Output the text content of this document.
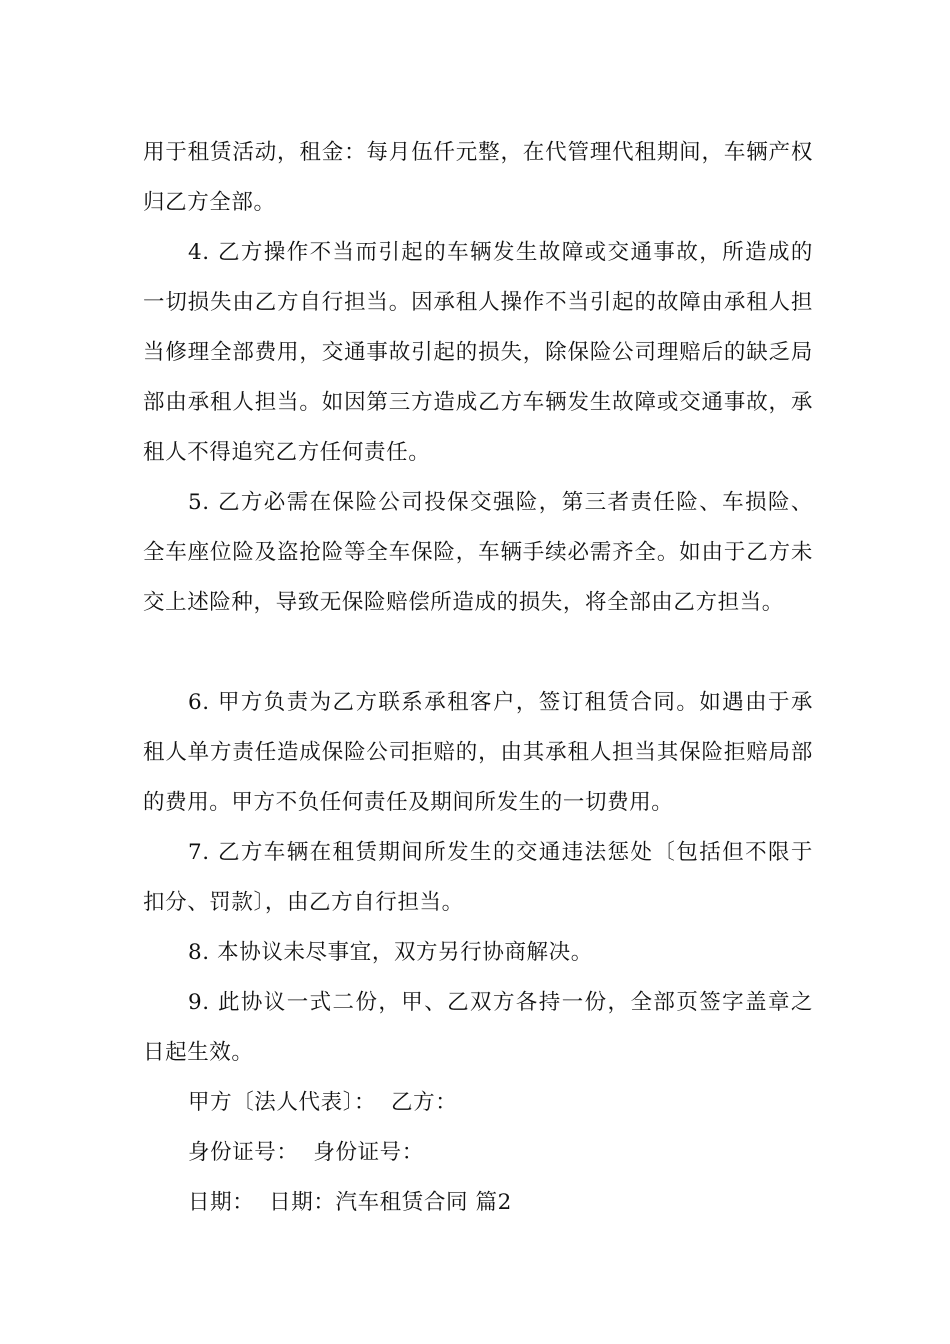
用于租赁活动，租金：每月伍仟元整，在代管理代租期间，车辆产权归乙方全部。

4. 乙方操作不当而引起的车辆发生故障或交通事故，所造成的一切损失由乙方自行担当。因承租人操作不当引起的故障由承租人担当修理全部费用，交通事故引起的损失，除保险公司理赔后的缺乏局部由承租人担当。如因第三方造成乙方车辆发生故障或交通事故，承租人不得追究乙方任何责任。

5. 乙方必需在保险公司投保交强险，第三者责任险、车损险、全车座位险及盗抢险等全车保险，车辆手续必需齐全。如由于乙方未交上述险种，导致无保险赔偿所造成的损失，将全部由乙方担当。

6. 甲方负责为乙方联系承租客户，签订租赁合同。如遇由于承租人单方责任造成保险公司拒赔的，由其承租人担当其保险拒赔局部的费用。甲方不负任何责任及期间所发生的一切费用。

7. 乙方车辆在租赁期间所发生的交通违法惩处〔包括但不限于扣分、罚款〕，由乙方自行担当。

8. 本协议未尽事宜，双方另行协商解决。

9. 此协议一式二份，甲、乙双方各持一份，全部页签字盖章之日起生效。

甲方〔法人代表〕：  乙方：

身份证号：  身份证号：

日期：  日期：汽车租赁合同 篇2
